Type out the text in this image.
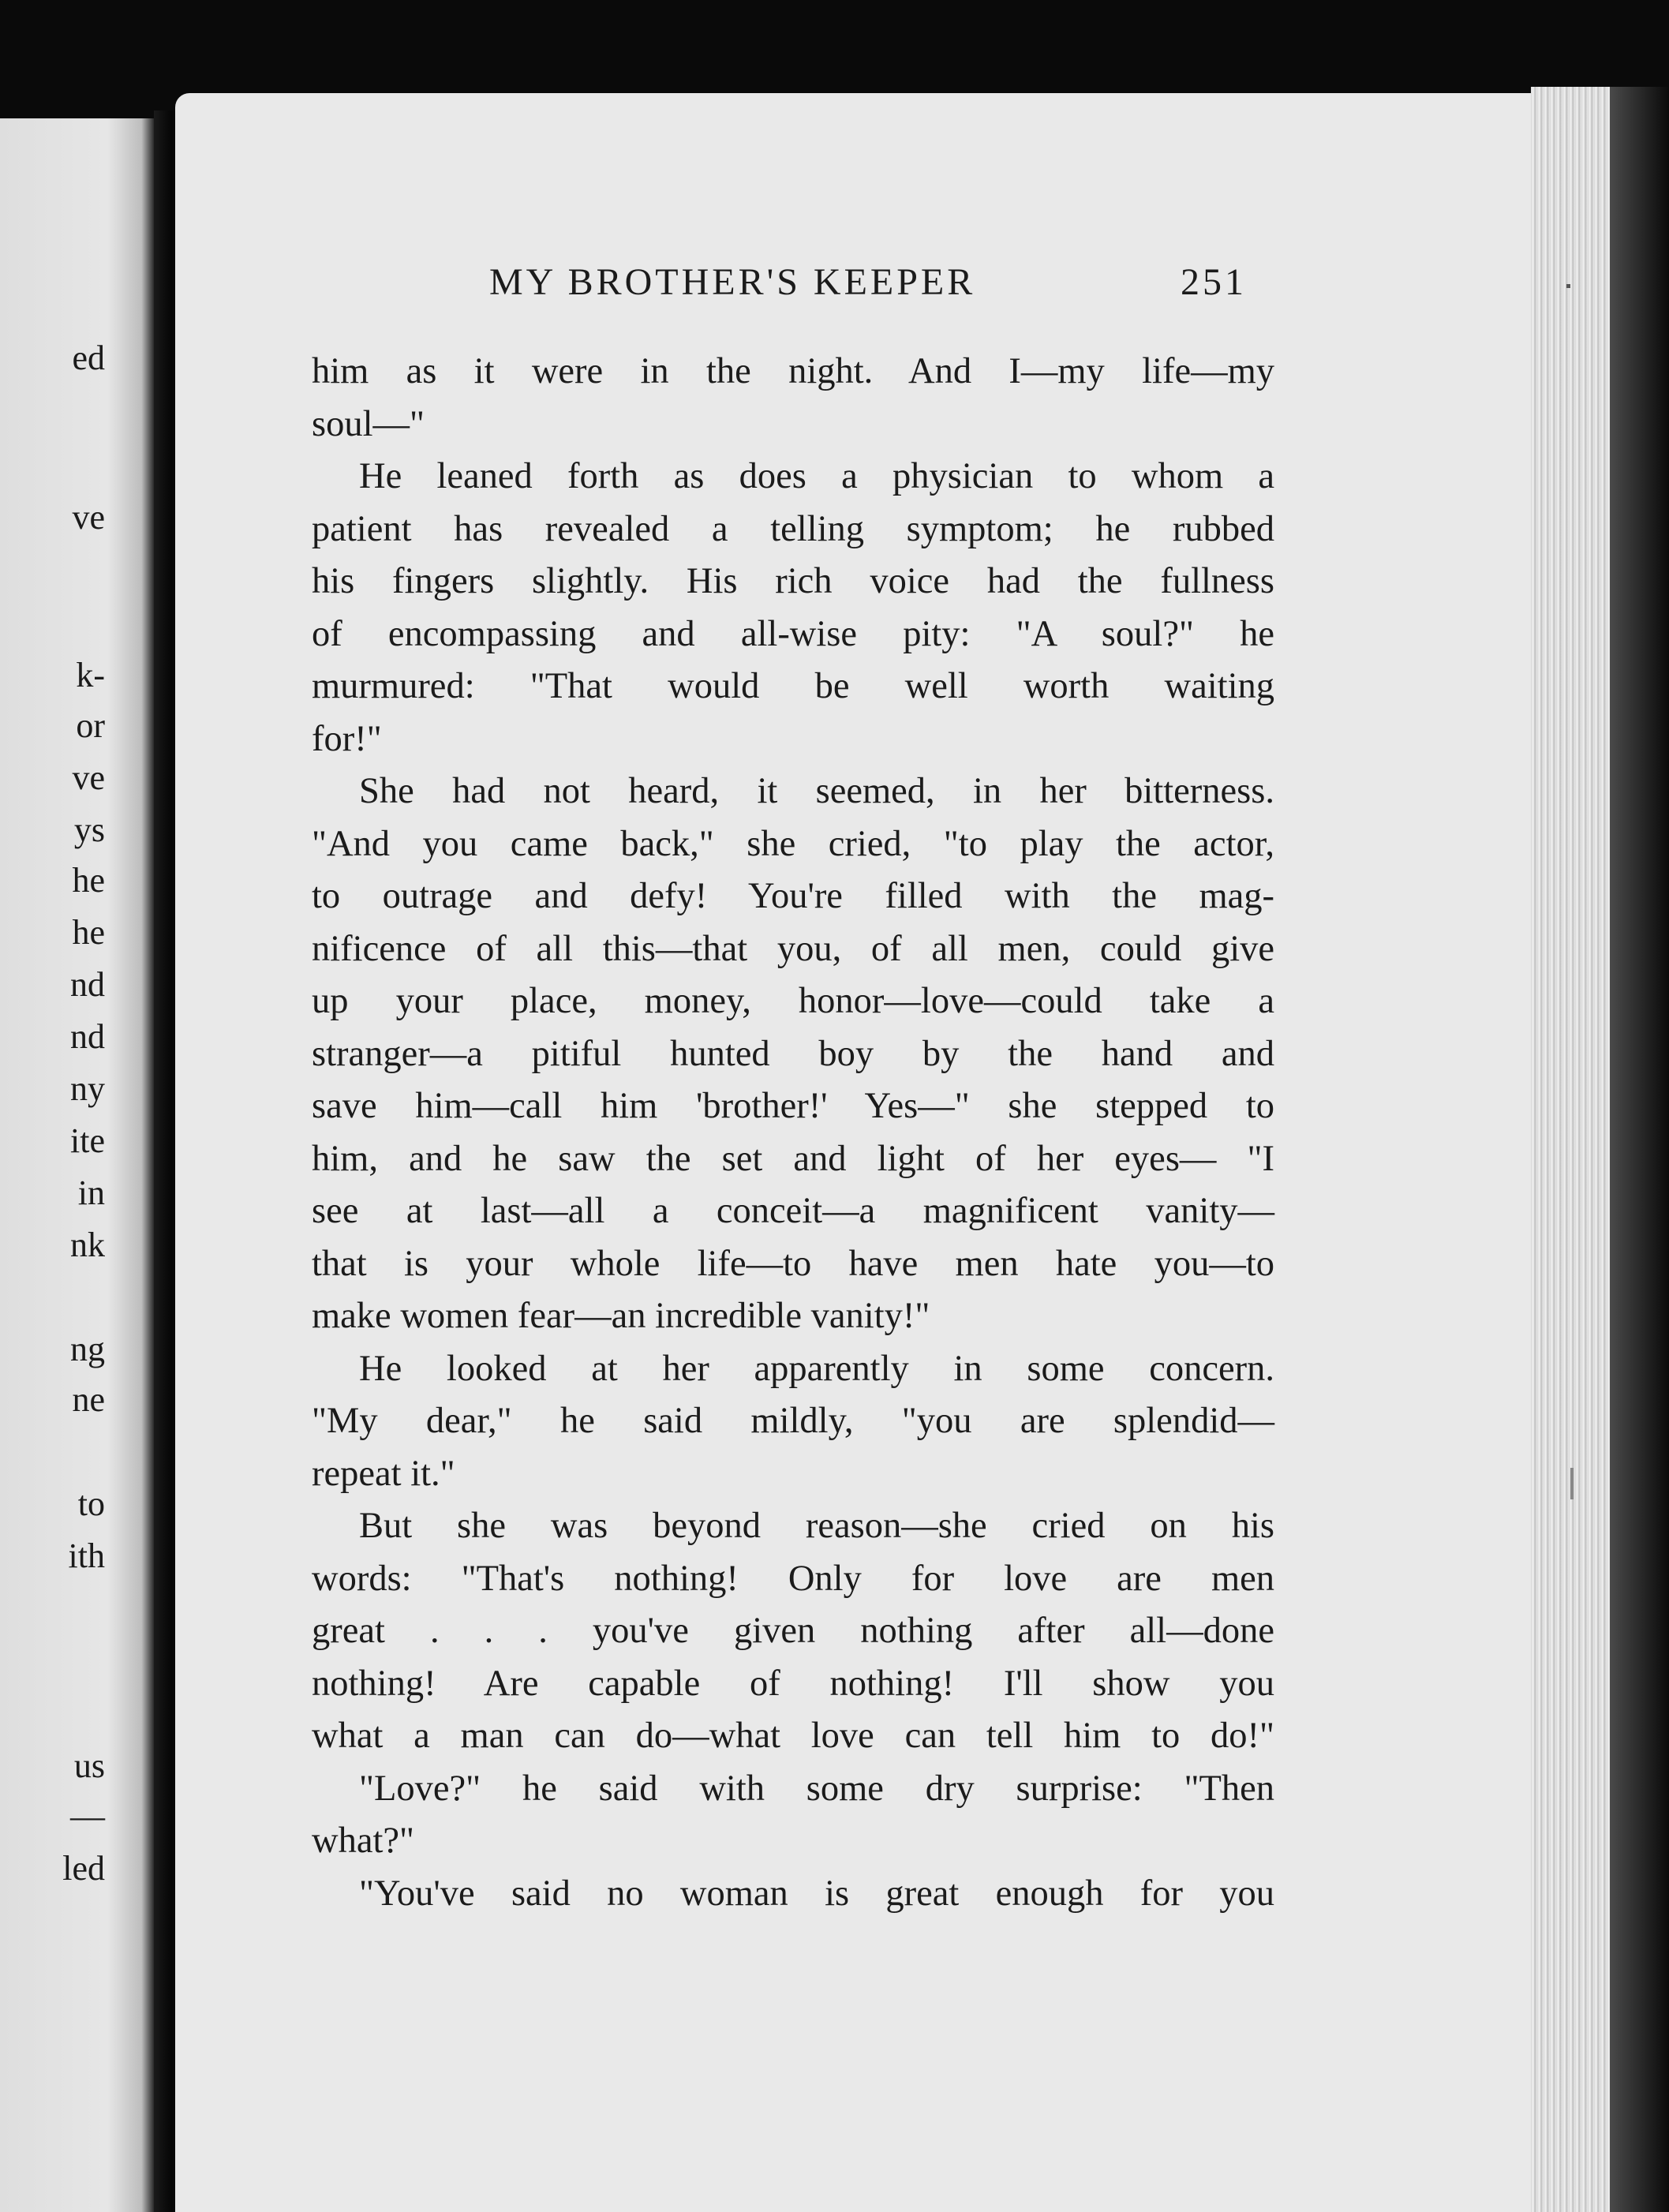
ed
ve
k-
or
ve
ys
he
he
nd
nd
ny
ite
in
nk
ng
ne
to
ith
us
—
led
MY BROTHER'S KEEPER	251
him as it were in the night. And I—my life—my
soul—"
He leaned forth as does a physician to whom a
patient has revealed a telling symptom; he rubbed
his fingers slightly. His rich voice had the fullness
of encompassing and all-wise pity: "A soul?" he
murmured: "That would be well worth waiting
for!"
She had not heard, it seemed, in her bitterness.
"And you came back," she cried, "to play the actor,
to outrage and defy! You're filled with the mag-
nificence of all this—that you, of all men, could give
up your place, money, honor—love—could take a
stranger—a pitiful hunted boy by the hand and
save him—call him 'brother!' Yes—" she stepped to
him, and he saw the set and light of her eyes— "I
see at last—all a conceit—a magnificent vanity—
that is your whole life—to have men hate you—to
make women fear—an incredible vanity!"
He looked at her apparently in some concern.
"My dear," he said mildly, "you are splendid—
repeat it."
But she was beyond reason—she cried on his
words: "That's nothing! Only for love are men
great . . . you've given nothing after all—done
nothing! Are capable of nothing! I'll show you
what a man can do—what love can tell him to do!"
"Love?" he said with some dry surprise: "Then
what?"
"You've said no woman is great enough for you
